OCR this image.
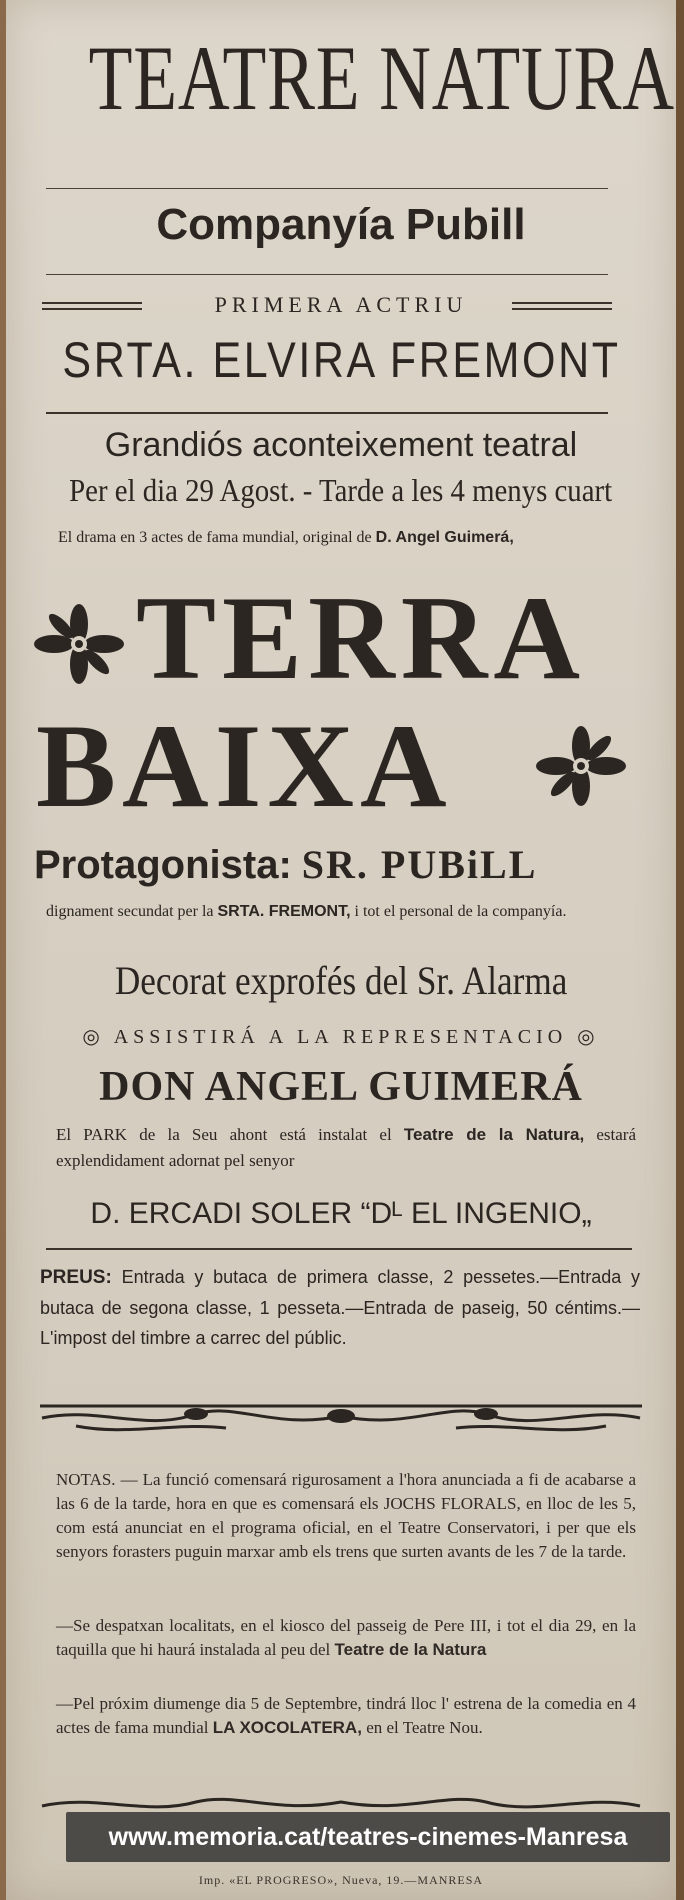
TEATRE NATURA
Companyía Pubill
PRIMERA ACTRIU
SRTA. ELVIRA FREMONT
Grandiós aconteixement teatral
Per el dia 29 Agost. - Tarde a les 4 menys cuart
El drama en 3 actes de fama mundial, original de D. Angel Guimerá,
TERRA
BAIXA
Protagonista: SR. PUBiLL
dignament secundat per la SRTA. FREMONT, i tot el personal de la companyía.
Decorat exprofés del Sr. Alarma
◎ ASSISTIRÁ A LA REPRESENTACIO ◎
DON ANGEL GUIMERÁ
El PARK de la Seu ahont está instalat el Teatre de la Natura, estará explendidament adornat pel senyor
D. ERCADI SOLER “Dᴸ EL INGENIO„
PREUS: Entrada y butaca de primera classe, 2 pessetes.—Entrada y butaca de segona classe, 1 pesseta.—Entrada de paseig, 50 céntims.—L'impost del timbre a carrec del públic.
NOTAS. — La funció comensará rigurosament a l'hora anunciada a fi de acabarse a las 6 de la tarde, hora en que es comensará els JOCHS FLORALS, en lloc de les 5, com está anunciat en el programa oficial, en el Teatre Conservatori, i per que els senyors forasters puguin marxar amb els trens que surten avants de les 7 de la tarde.
—Se despatxan localitats, en el kiosco del passeig de Pere III, i tot el dia 29, en la taquilla que hi haurá instalada al peu del Teatre de la Natura
—Pel próxim diumenge dia 5 de Septembre, tindrá lloc l' estrena de la comedia en 4 actes de fama mundial LA XOCOLATERA, en el Teatre Nou.
www.memoria.cat/teatres-cinemes-Manresa
Imp. «EL PROGRESO», Nueva, 19.—MANRESA
